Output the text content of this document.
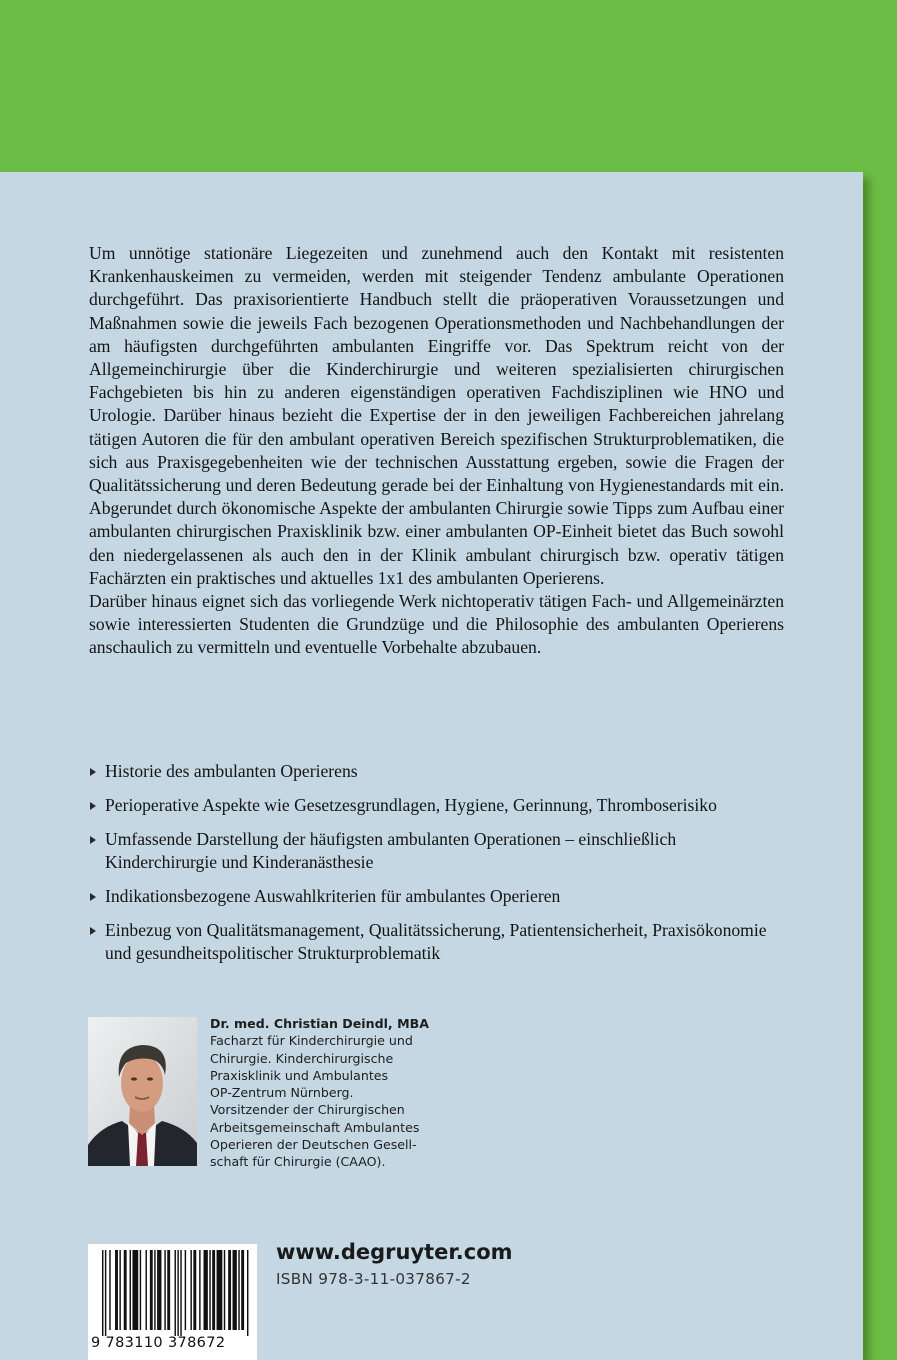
Um unnötige stationäre Liegezeiten und zunehmend auch den Kontakt mit resistenten Krankenhauskeimen zu vermeiden, werden mit steigender Tendenz ambulante Operationen durchgeführt. Das praxisorientierte Handbuch stellt die präoperativen Voraussetzungen und Maßnahmen sowie die jeweils Fach bezogenen Operationsmethoden und Nachbehandlungen der am häufigsten durchgeführten ambulanten Eingriffe vor. Das Spektrum reicht von der Allgemeinchirurgie über die Kinderchirurgie und weiteren spezialisierten chirurgischen Fachgebieten bis hin zu anderen eigenständigen operativen Fachdisziplinen wie HNO und Urologie. Darüber hinaus bezieht die Expertise der in den jeweiligen Fachbereichen jahrelang tätigen Autoren die für den ambulant operativen Bereich spezifischen Strukturproblematiken, die sich aus Praxisgegebenheiten wie der technischen Ausstattung ergeben, sowie die Fragen der Qualitätssicherung und deren Bedeutung gerade bei der Einhaltung von Hygienestandards mit ein. Abgerundet durch ökonomische Aspekte der ambulanten Chirurgie sowie Tipps zum Aufbau einer ambulanten chirurgischen Praxisklinik bzw. einer ambulanten OP-Einheit bietet das Buch sowohl den niedergelassenen als auch den in der Klinik ambulant chirurgisch bzw. operativ tätigen Fachärzten ein praktisches und aktuelles 1x1 des ambulanten Operierens.

Darüber hinaus eignet sich das vorliegende Werk nichtoperativ tätigen Fach- und Allgemeinärzten sowie interessierten Studenten die Grundzüge und die Philosophie des ambulanten Operierens anschaulich zu vermitteln und eventuelle Vorbehalte abzubauen.

Historie des ambulanten Operierens
Perioperative Aspekte wie Gesetzesgrundlagen, Hygiene, Gerinnung, Thromboserisiko
Umfassende Darstellung der häufigsten ambulanten Operationen – einschließlich Kinderchirurgie und Kinderanästhesie
Indikationsbezogene Auswahlkriterien für ambulantes Operieren
Einbezug von Qualitätsmanagement, Qualitätssicherung, Patientensicherheit, Praxisökonomie und gesundheitspolitischer Strukturproblematik
Dr. med. Christian Deindl, MBA
Facharzt für Kinderchirurgie und
Chirurgie. Kinderchirurgische
Praxisklinik und Ambulantes
OP-Zentrum Nürnberg.
Vorsitzender der Chirurgischen
Arbeitsgemeinschaft Ambulantes
Operieren der Deutschen Gesell-
schaft für Chirurgie (CAAO).
9 783110 378672
www.degruyter.com
ISBN 978-3-11-037867-2
